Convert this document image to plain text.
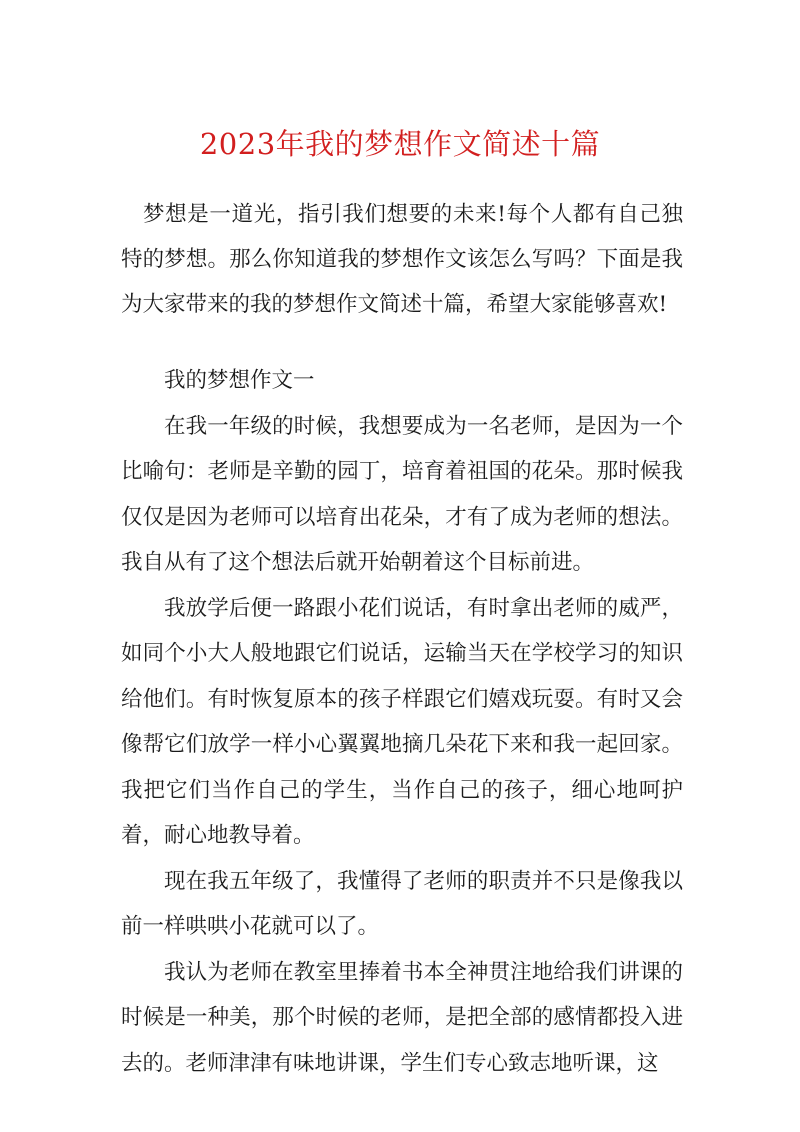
2023年我的梦想作文简述十篇

梦想是一道光，指引我们想要的未来!每个人都有自己独特的梦想。那么你知道我的梦想作文该怎么写吗？下面是我为大家带来的我的梦想作文简述十篇，希望大家能够喜欢!

我的梦想作文一

在我一年级的时候，我想要成为一名老师，是因为一个比喻句：老师是辛勤的园丁，培育着祖国的花朵。那时候我仅仅是因为老师可以培育出花朵，才有了成为老师的想法。我自从有了这个想法后就开始朝着这个目标前进。

我放学后便一路跟小花们说话，有时拿出老师的威严，如同个小大人般地跟它们说话，运输当天在学校学习的知识给他们。有时恢复原本的孩子样跟它们嬉戏玩耍。有时又会像帮它们放学一样小心翼翼地摘几朵花下来和我一起回家。我把它们当作自己的学生，当作自己的孩子，细心地呵护着，耐心地教导着。

现在我五年级了，我懂得了老师的职责并不只是像我以前一样哄哄小花就可以了。

我认为老师在教室里捧着书本全神贯注地给我们讲课的时候是一种美，那个时候的老师，是把全部的感情都投入进去的。老师津津有味地讲课，学生们专心致志地听课，这
